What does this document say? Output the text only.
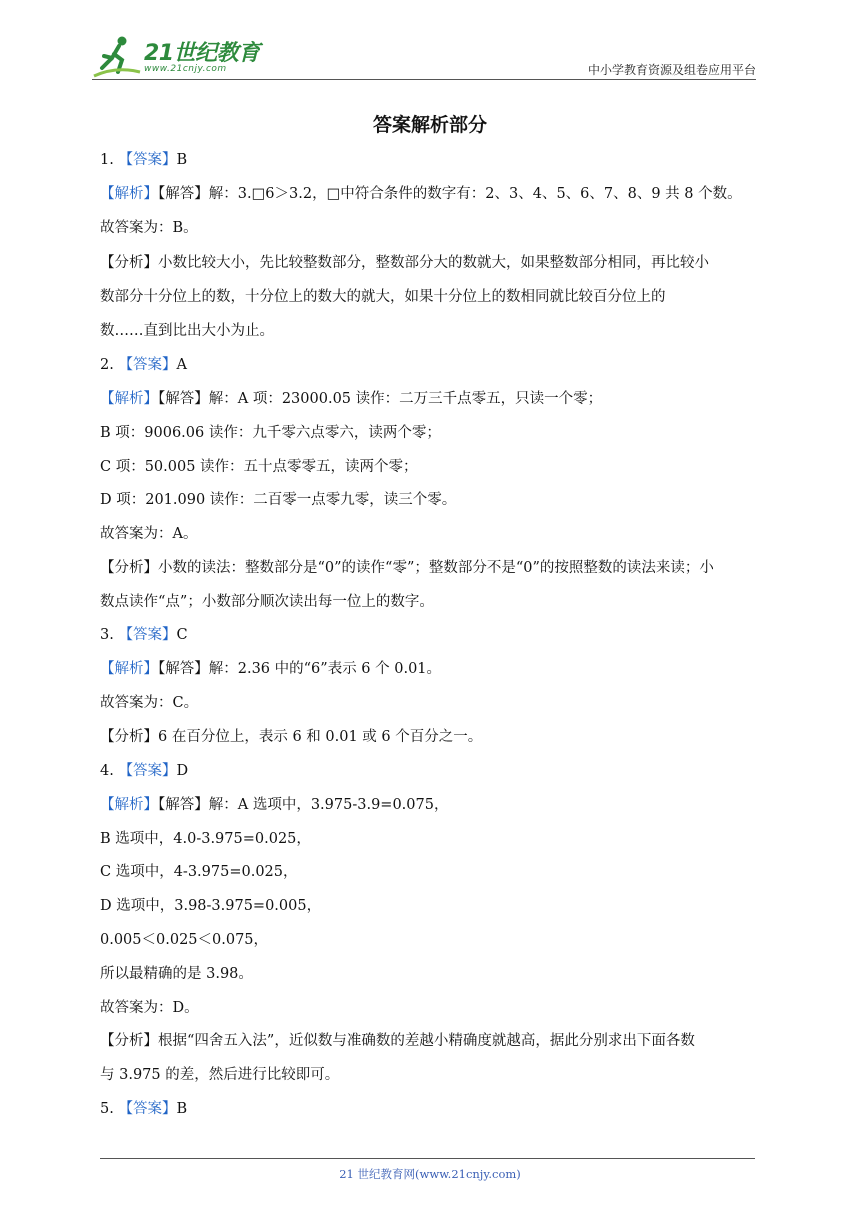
21世纪教育
www.21cnjy.com	中小学教育资源及组卷应用平台
答案解析部分
1. 【答案】B
【解析】【解答】解：3.□6＞3.2，□中符合条件的数字有：2、3、4、5、6、7、8、9 共 8 个数。
故答案为：B。
【分析】小数比较大小，先比较整数部分，整数部分大的数就大，如果整数部分相同，再比较小
数部分十分位上的数，十分位上的数大的就大，如果十分位上的数相同就比较百分位上的
数……直到比出大小为止。
2. 【答案】A
【解析】【解答】解：A 项：23000.05 读作：二万三千点零五，只读一个零；
B 项：9006.06 读作：九千零六点零六，读两个零；
C 项：50.005 读作：五十点零零五，读两个零；
D 项：201.090 读作：二百零一点零九零，读三个零。
故答案为：A。
【分析】小数的读法：整数部分是“0”的读作“零”；整数部分不是“0”的按照整数的读法来读；小
数点读作“点”；小数部分顺次读出每一位上的数字。
3. 【答案】C
【解析】【解答】解：2.36 中的“6”表示 6 个 0.01。
故答案为：C。
【分析】6 在百分位上，表示 6 和 0.01 或 6 个百分之一。
4. 【答案】D
【解析】【解答】解：A 选项中，3.975-3.9=0.075，
B 选项中，4.0-3.975=0.025，
C 选项中，4-3.975=0.025，
D 选项中，3.98-3.975=0.005，
0.005＜0.025＜0.075，
所以最精确的是 3.98。
故答案为：D。
【分析】根据“四舍五入法”，近似数与准确数的差越小精确度就越高，据此分别求出下面各数
与 3.975 的差，然后进行比较即可。
5. 【答案】B
21 世纪教育网(www.21cnjy.com)
